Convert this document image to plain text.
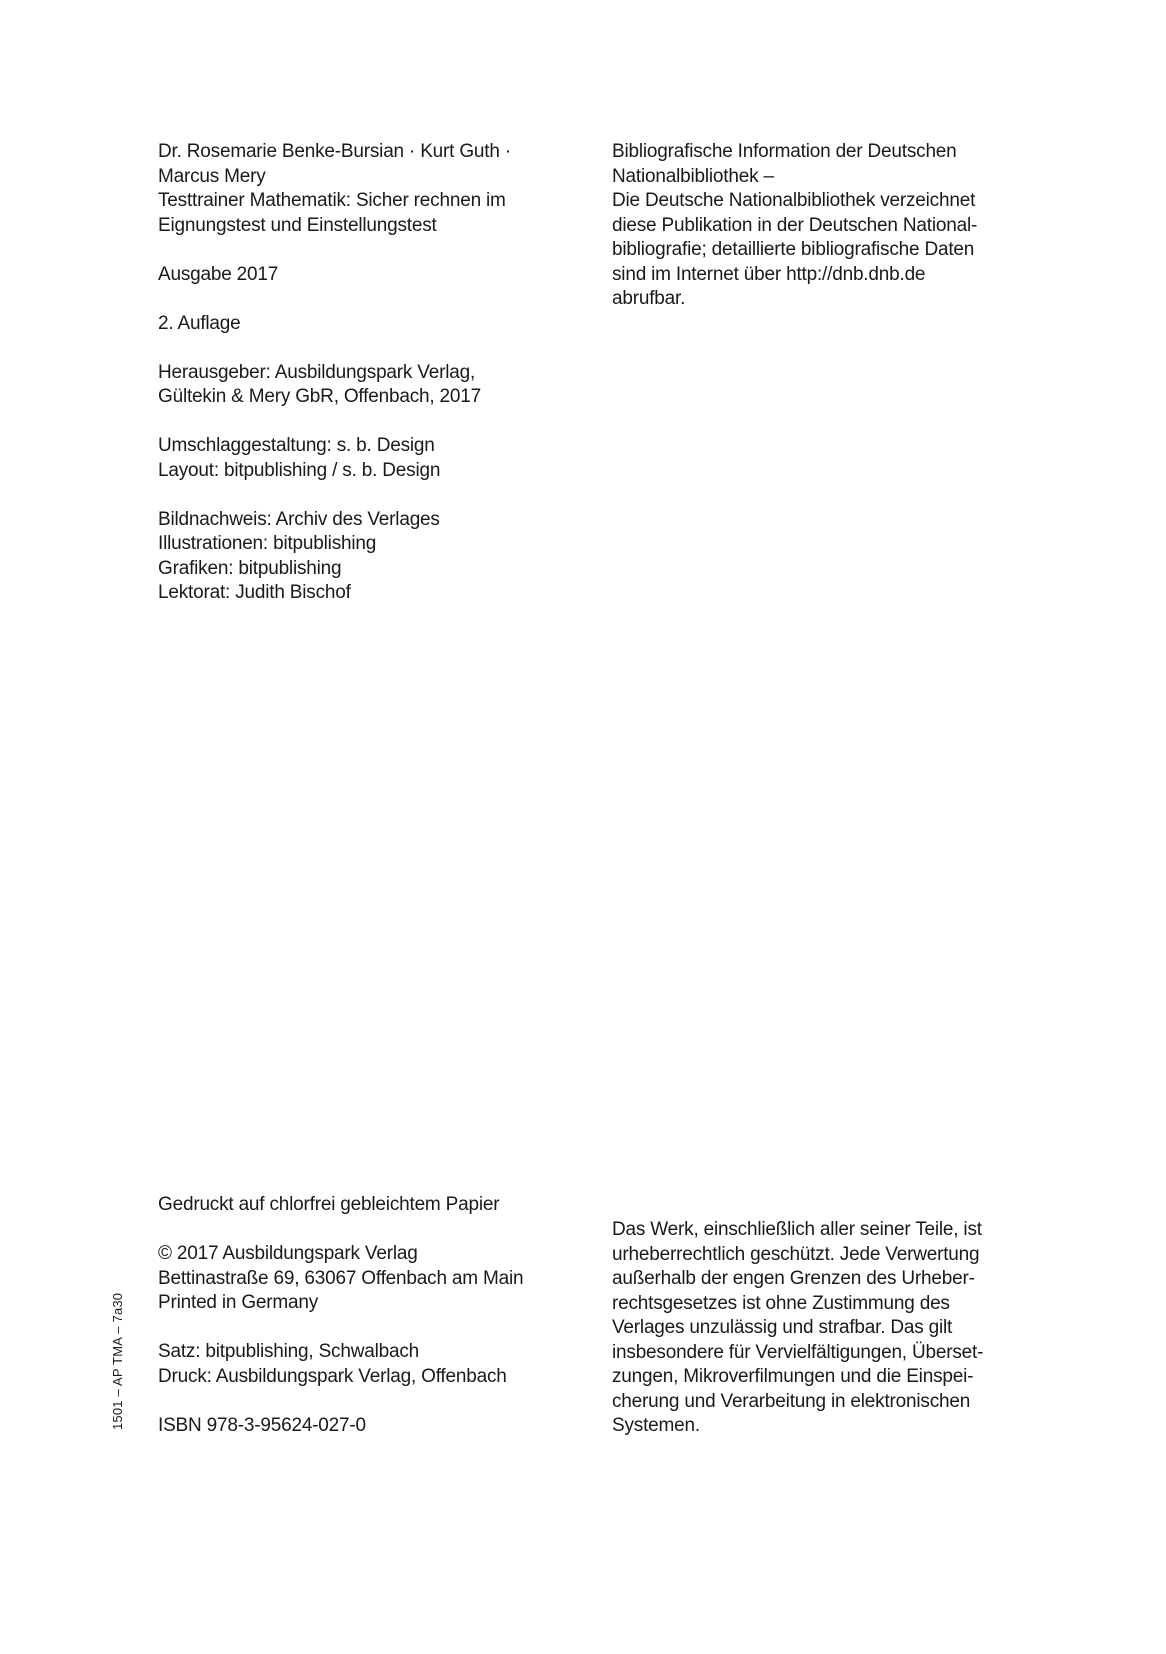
Dr. Rosemarie Benke-Bursian · Kurt Guth ·
Marcus Mery
Testtrainer Mathematik: Sicher rechnen im
Eignungstest und Einstellungstest
Ausgabe 2017
2. Auflage
Herausgeber: Ausbildungspark Verlag,
Gültekin & Mery GbR, Offenbach, 2017
Umschlaggestaltung: s. b. Design
Layout: bitpublishing / s. b. Design
Bildnachweis: Archiv des Verlages
Illustrationen: bitpublishing
Grafiken: bitpublishing
Lektorat: Judith Bischof
Bibliografische Information der Deutschen
Nationalbibliothek –
Die Deutsche Nationalbibliothek verzeichnet
diese Publikation in der Deutschen National-
bibliografie; detaillierte bibliografische Daten
sind im Internet über http://dnb.dnb.de
abrufbar.
Gedruckt auf chlorfrei gebleichtem Papier
© 2017 Ausbildungspark Verlag
Bettinastraße 69, 63067 Offenbach am Main
Printed in Germany
Satz: bitpublishing, Schwalbach
Druck: Ausbildungspark Verlag, Offenbach
ISBN 978-3-95624-027-0
Das Werk, einschließlich aller seiner Teile, ist
urheberrechtlich geschützt. Jede Verwertung
außerhalb der engen Grenzen des Urheber-
rechtsgesetzes ist ohne Zustimmung des
Verlages unzulässig und strafbar. Das gilt
insbesondere für Vervielfältigungen, Überset-
zungen, Mikroverfilmungen und die Einspei-
cherung und Verarbeitung in elektronischen
Systemen.
1501 – AP TMA – 7a30
